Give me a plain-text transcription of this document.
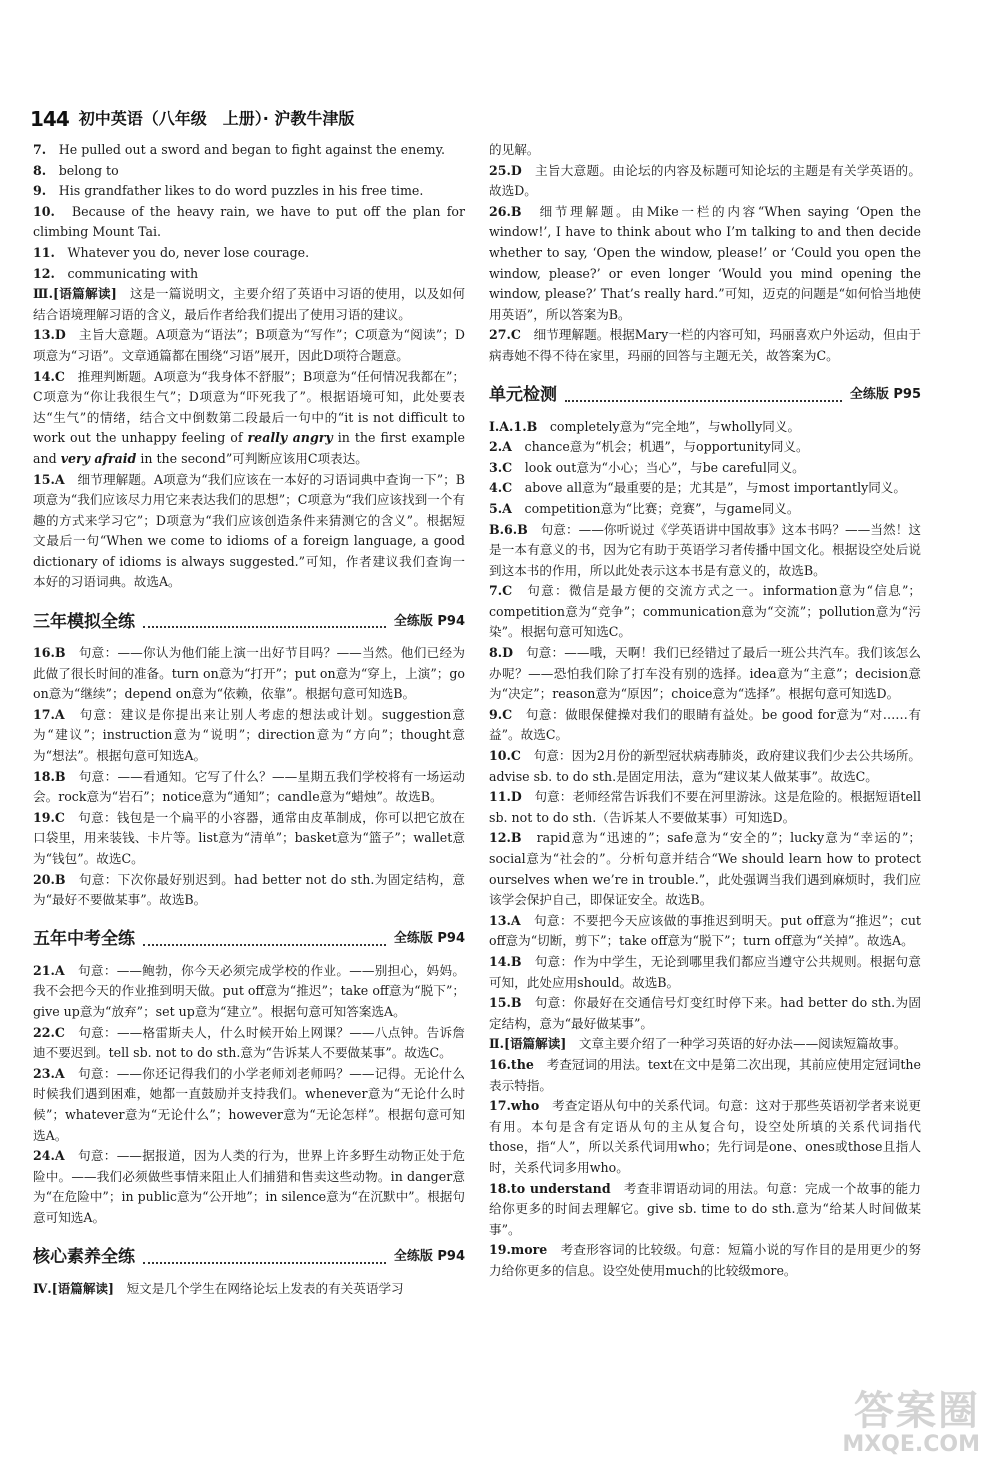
144 初中英语（八年级　上册）· 沪教牛津版

7.　He pulled out a sword and began to fight against the enemy.

8.　belong to

9.　His grandfather likes to do word puzzles in his free time.

10.　Because of the heavy rain, we have to put off the plan for climbing Mount Tai.

11.　Whatever you do, never lose courage.

12.　communicating with

Ⅲ.[语篇解读]　这是一篇说明文，主要介绍了英语中习语的使用，以及如何结合语境理解习语的含义，最后作者给我们提出了使用习语的建议。

13.D　主旨大意题。A项意为“语法”；B项意为“写作”；C项意为“阅读”；D项意为“习语”。文章通篇都在围绕“习语”展开，因此D项符合题意。

14.C　 推理判断题。A项意为“我身体不舒服”；B项意为“任何情况我都在”；C项意为“你让我很生气”；D项意为“吓死我了”。根据语境可知，此处要表达“生气”的情绪，结合文中倒数第二段最后一句中的“it is not difficult to work out the unhappy feeling of really angry in the first example and very afraid in the second”可判断应该用C项表达。

15.A　细节理解题。A项意为“我们应该在一本好的习语词典中查询一下”；B项意为“我们应该尽力用它来表达我们的思想”；C项意为“我们应该找到一个有趣的方式来学习它”；D项意为“我们应该创造条件来猜测它的含义”。根据短文最后一句“When we come to idioms of a foreign language, a good dictionary of idioms is always suggested.”可知，作者建议我们查询一本好的习语词典。故选A。

三年模拟全练	全练版 P94

16.B　句意：——你认为他们能上演一出好节目吗？——当然。他们已经为此做了很长时间的准备。turn on意为“打开”；put on意为“穿上，上演”；go on意为“继续”；depend on意为“依赖，依靠”。根据句意可知选B。

17.A　句意：建议是你提出来让别人考虑的想法或计划。suggestion意为“建议”；instruction意为“说明”；direction意为“方向”；thought意为“想法”。根据句意可知选A。

18.B　句意：——看通知。它写了什么？——星期五我们学校将有一场运动会。rock意为“岩石”；notice意为“通知”；candle意为“蜡烛”。故选B。

19.C　句意：钱包是一个扁平的小容器，通常由皮革制成，你可以把它放在口袋里，用来装钱、卡片等。list意为“清单”；basket意为“篮子”；wallet意为“钱包”。故选C。

20.B　句意：下次你最好别迟到。had better not do sth.为固定结构，意为“最好不要做某事”。故选B。

五年中考全练	全练版 P94

21.A　句意：——鲍勃，你今天必须完成学校的作业。——别担心，妈妈。我不会把今天的作业推到明天做。put off意为“推迟”；take off意为“脱下”；give up意为“放弃”；set up意为“建立”。根据句意可知答案选A。

22.C　句意：——格雷斯夫人，什么时候开始上网课？——八点钟。告诉詹迪不要迟到。tell sb. not to do sth.意为“告诉某人不要做某事”。故选C。

23.A　句意：——你还记得我们的小学老师刘老师吗？——记得。无论什么时候我们遇到困难，她都一直鼓励并支持我们。whenever意为“无论什么时候”；whatever意为“无论什么”；however意为“无论怎样”。根据句意可知选A。

24.A　句意：——据报道，因为人类的行为，世界上许多野生动物正处于危险中。——我们必须做些事情来阻止人们捕猎和售卖这些动物。in danger意为“在危险中”；in public意为“公开地”；in silence意为“在沉默中”。根据句意可知选A。

核心素养全练	全练版 P94

Ⅳ.[语篇解读]　短文是几个学生在网络论坛上发表的有关英语学习

的见解。

25.D　主旨大意题。由论坛的内容及标题可知论坛的主题是有关学英语的。故选D。

26.B　细节理解题。由Mike一栏的内容“When saying ‘Open the window!’, I have to think about who I’m talking to and then decide whether to say, ‘Open the window, please!’ or ‘Could you open the window, please?’ or even longer ‘Would you mind opening the window, please?’ That’s really hard.”可知，迈克的问题是“如何恰当地使用英语”，所以答案为B。

27.C　细节理解题。根据Mary一栏的内容可知，玛丽喜欢户外运动，但由于病毒她不得不待在家里，玛丽的回答与主题无关，故答案为C。

单元检测	全练版 P95

Ⅰ.A.1.B　completely意为“完全地”，与wholly同义。

2.A　chance意为“机会；机遇”，与opportunity同义。

3.C　look out意为“小心；当心”，与be careful同义。

4.C　above all意为“最重要的是；尤其是”，与most importantly同义。

5.A　competition意为“比赛；竞赛”，与game同义。

B.6.B　句意：——你听说过《学英语讲中国故事》这本书吗？——当然！这是一本有意义的书，因为它有助于英语学习者传播中国文化。根据设空处后说到这本书的作用，所以此处表示这本书是有意义的，故选B。

7.C　句意：微信是最方便的交流方式之一。information意为“信息”；competition意为“竞争”；communication意为“交流”；pollution意为“污染”。根据句意可知选C。

8.D　句意：——哦，天啊！我们已经错过了最后一班公共汽车。我们该怎么办呢？——恐怕我们除了打车没有别的选择。idea意为“主意”；decision意为“决定”；reason意为“原因”；choice意为“选择”。根据句意可知选D。

9.C　句意：做眼保健操对我们的眼睛有益处。be good for意为“对……有益”。故选C。

10.C　句意：因为2月份的新型冠状病毒肺炎，政府建议我们少去公共场所。advise sb. to do sth.是固定用法，意为“建议某人做某事”。故选C。

11.D　句意：老师经常告诉我们不要在河里游泳。这是危险的。根据短语tell sb. not to do sth.（告诉某人不要做某事）可知选D。

12.B　rapid意为“迅速的”；safe意为“安全的”；lucky意为“幸运的”；social意为“社会的”。分析句意并结合“We should learn how to protect ourselves when we’re in trouble.”，此处强调当我们遇到麻烦时，我们应该学会保护自己，即保证安全。故选B。

13.A　句意：不要把今天应该做的事推迟到明天。put off意为“推迟”；cut off意为“切断，剪下”；take off意为“脱下”；turn off意为“关掉”。故选A。

14.B　句意：作为中学生，无论到哪里我们都应当遵守公共规则。根据句意可知，此处应用should。故选B。

15.B　句意：你最好在交通信号灯变红时停下来。had better do sth.为固定结构，意为“最好做某事”。

Ⅱ.[语篇解读]　文章主要介绍了一种学习英语的好办法——阅读短篇故事。

16.the　考查冠词的用法。text在文中是第二次出现，其前应使用定冠词the表示特指。

17.who　考查定语从句中的关系代词。句意：这对于那些英语初学者来说更有用。本句是含有定语从句的主从复合句，设空处所填的关系代词指代those，指“人”，所以关系代词用who；先行词是one、ones或those且指人时，关系代词多用who。

18.to understand　考查非谓语动词的用法。句意：完成一个故事的能力给你更多的时间去理解它。give sb. time to do sth.意为“给某人时间做某事”。

19.more　考查形容词的比较级。句意：短篇小说的写作目的是用更少的努力给你更多的信息。设空处使用much的比较级more。

答案圈
MXQE.COM
